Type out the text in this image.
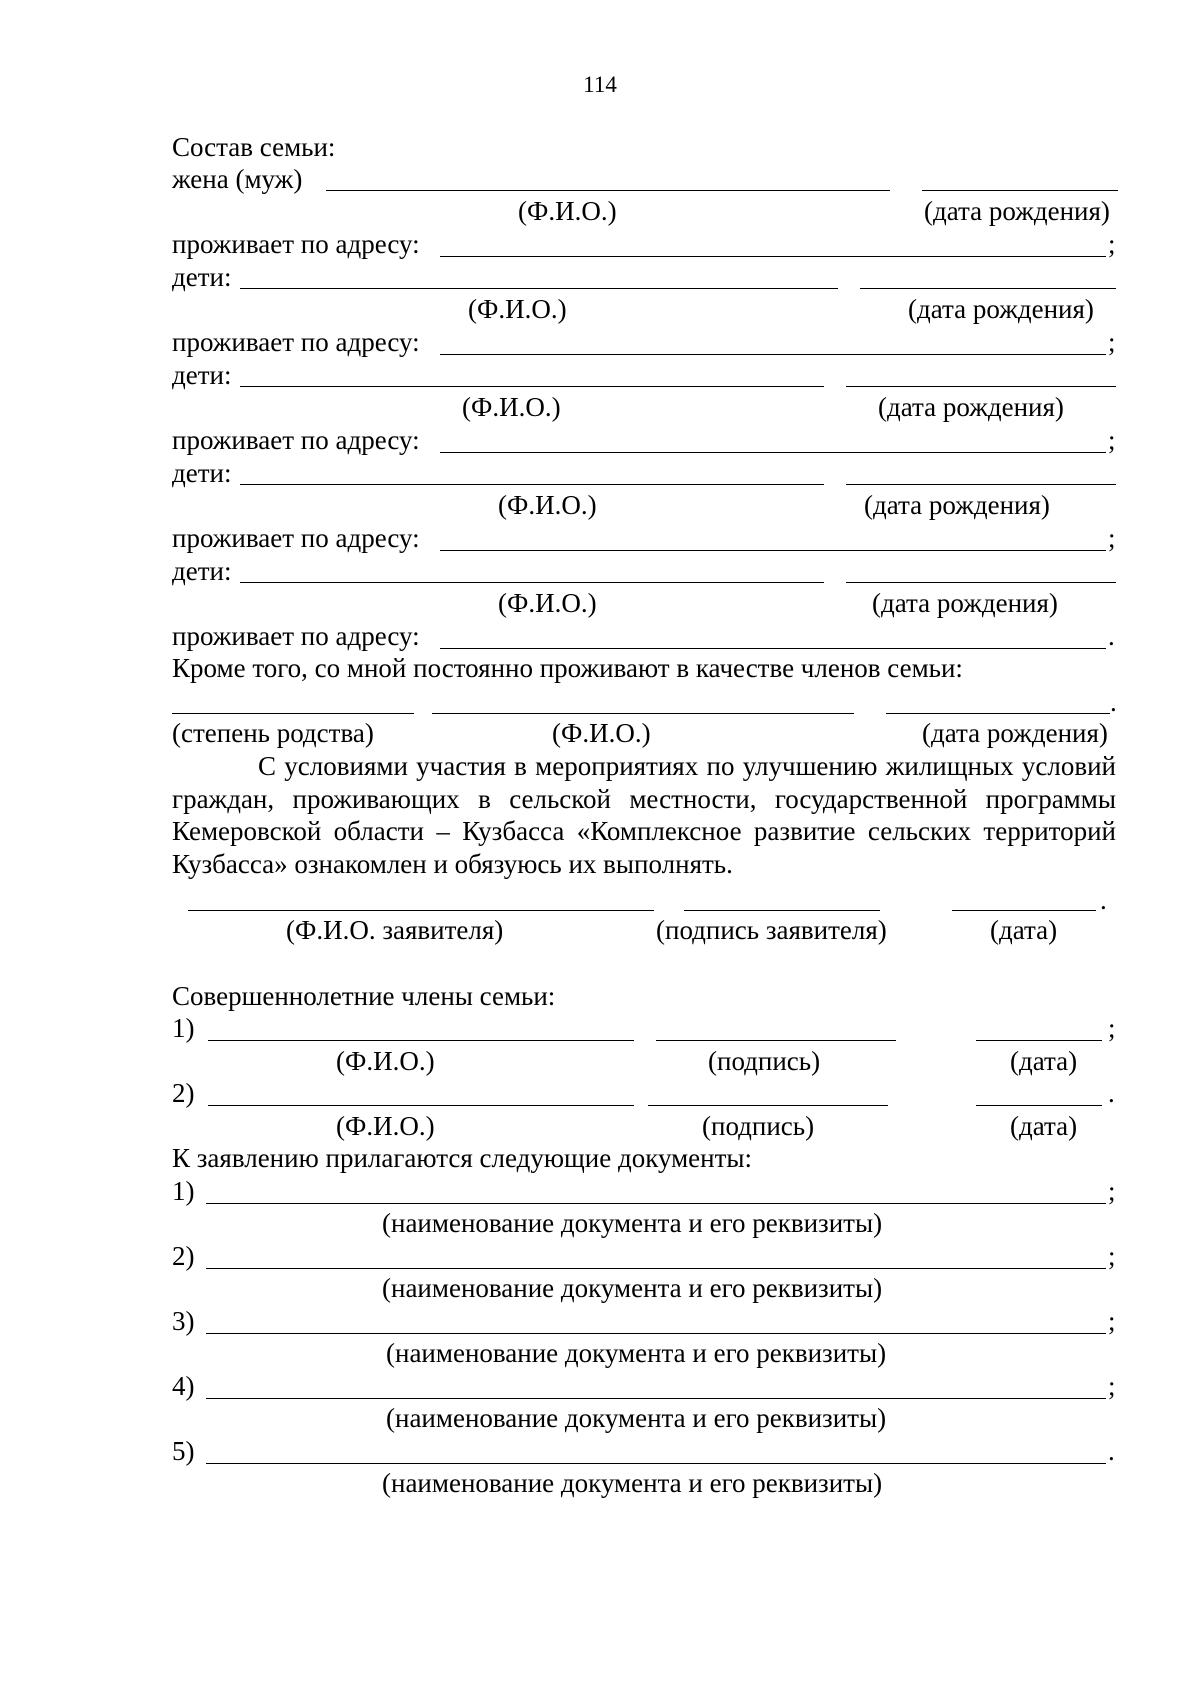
114
Состав семьи:
жена (муж)
(Ф.И.О.)	(дата рождения)
проживает по адресу:	;
дети:
(Ф.И.О.)	(дата рождения)
проживает по адресу:	;
дети:
(Ф.И.О.)	(дата рождения)
проживает по адресу:	;
дети:
(Ф.И.О.)	(дата рождения)
проживает по адресу:	;
дети:
(Ф.И.О.)	(дата рождения)
проживает по адресу:	.
Кроме того, со мной постоянно проживают в качестве членов семьи:
.
(степень родства)	(Ф.И.О.)	(дата рождения)
С условиями участия в мероприятиях по улучшению жилищных условий граждан, проживающих в сельской местности, государственной программы Кемеровской области – Кузбасса «Комплексное развитие сельских территорий Кузбасса» ознакомлен и обязуюсь их выполнять.
.
(Ф.И.О. заявителя)	(подпись заявителя)	(дата)
Совершеннолетние члены семьи:
1)	;
(Ф.И.О.)	(подпись)	(дата)
2)	.
(Ф.И.О.)	(подпись)	(дата)
К заявлению прилагаются следующие документы:
1)	;
(наименование документа и его реквизиты)
2)	;
(наименование документа и его реквизиты)
3)	;
(наименование документа и его реквизиты)
4)	;
(наименование документа и его реквизиты)
5)	.
(наименование документа и его реквизиты)
